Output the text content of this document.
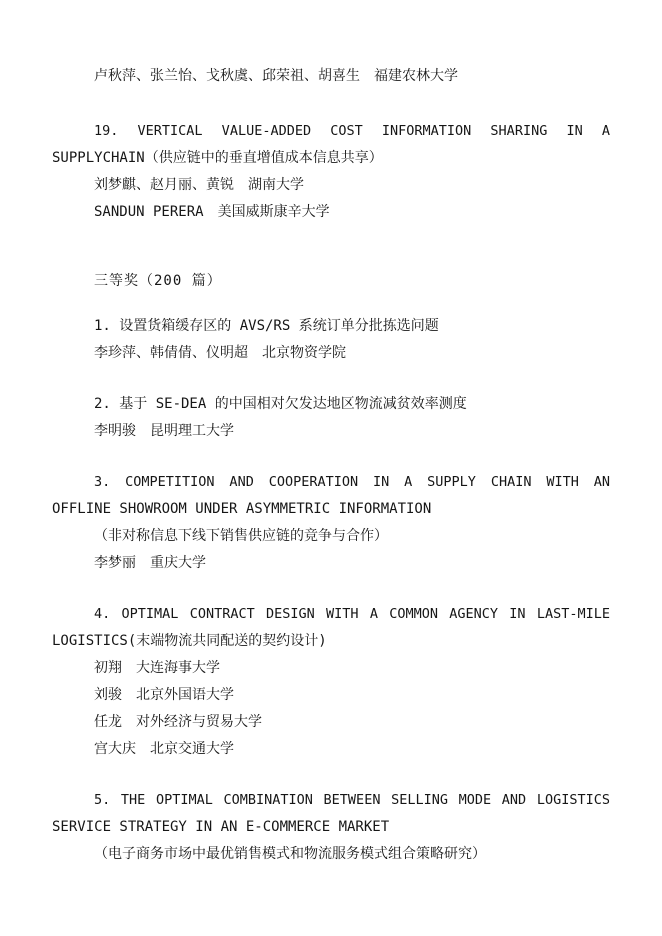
卢秋萍、张兰怡、戈秋虞、邱荣祖、胡喜生　福建农林大学
19. VERTICAL VALUE-ADDED COST INFORMATION SHARING IN A
SUPPLYCHAIN（供应链中的垂直增值成本信息共享）
刘梦麒、赵月丽、黄锐　湖南大学
SANDUN PERERA　美国威斯康辛大学
三等奖（200 篇）
1. 设置货箱缓存区的 AVS/RS 系统订单分批拣选问题
李珍萍、韩倩倩、仪明超　北京物资学院
2. 基于 SE-DEA 的中国相对欠发达地区物流减贫效率测度
李明骏　昆明理工大学
3. COMPETITION AND COOPERATION IN A SUPPLY CHAIN WITH AN
OFFLINE SHOWROOM UNDER ASYMMETRIC INFORMATION
（非对称信息下线下销售供应链的竞争与合作）
李梦丽　重庆大学
4. OPTIMAL CONTRACT DESIGN WITH A COMMON AGENCY IN LAST-MILE
LOGISTICS(末端物流共同配送的契约设计)
初翔　大连海事大学
刘骏　北京外国语大学
任龙　对外经济与贸易大学
宫大庆　北京交通大学
5. THE OPTIMAL COMBINATION BETWEEN SELLING MODE AND LOGISTICS
SERVICE STRATEGY IN AN E-COMMERCE MARKET
（电子商务市场中最优销售模式和物流服务模式组合策略研究）
